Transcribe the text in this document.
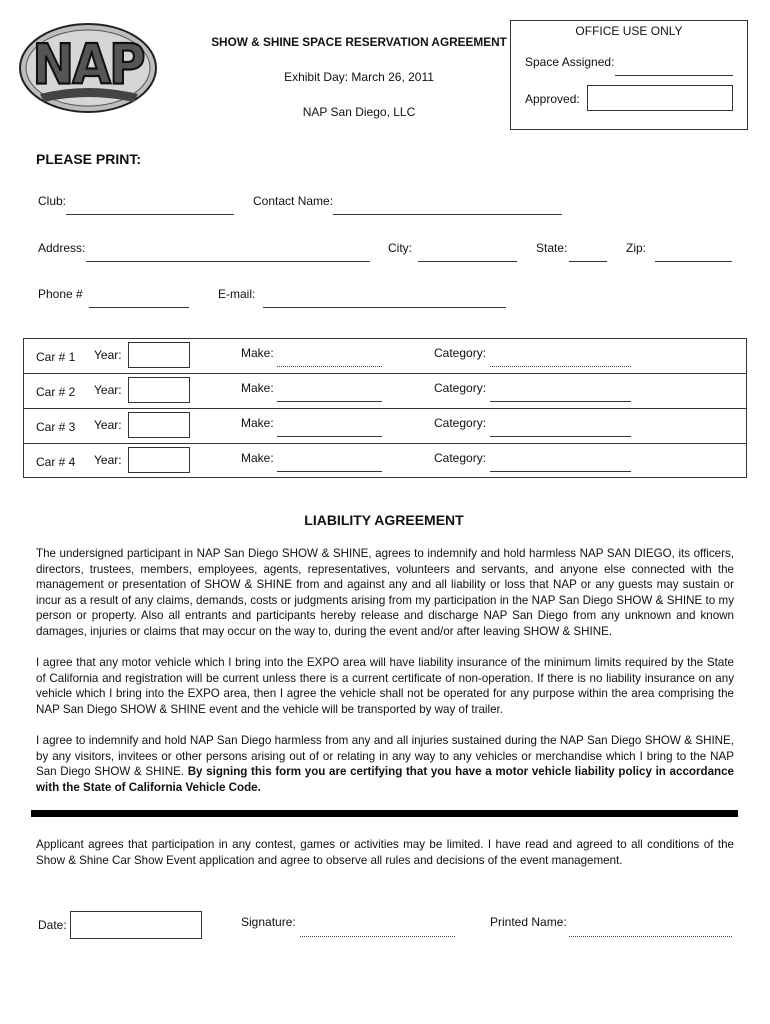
NAP	SHOW & SHINE SPACE RESERVATION AGREEMENT
Exhibit Day: March 26, 2011
NAP San Diego, LLC
OFFICE USE ONLY
Space Assigned:
Approved:
PLEASE PRINT:
Club:	Contact Name:
Address:	City:	State:	Zip:
Phone #	E-mail:
Car # 1 Year:	Make:	Category:
Car # 2 Year:	Make:	Category:
Car # 3 Year:	Make:	Category:
Car # 4 Year:	Make:	Category:
LIABILITY AGREEMENT

The undersigned participant in NAP San Diego SHOW & SHINE, agrees to indemnify and hold harmless NAP SAN DIEGO, its officers, directors, trustees, members, employees, agents, representatives, volunteers and servants, and anyone else connected with the management or presentation of SHOW & SHINE from and against any and all liability or loss that NAP or any guests may sustain or incur as a result of any claims, demands, costs or judgments arising from my participation in the NAP San Diego SHOW & SHINE to my person or property. Also all entrants and participants hereby release and discharge NAP San Diego from any unknown and known damages, injuries or claims that may occur on the way to, during the event and/or after leaving SHOW & SHINE.

I agree that any motor vehicle which I bring into the EXPO area will have liability insurance of the minimum limits required by the State of California and registration will be current unless there is a current certificate of non-operation. If there is no liability insurance on any vehicle which I bring into the EXPO area, then I agree the vehicle shall not be operated for any purpose within the area comprising the NAP San Diego SHOW & SHINE event and the vehicle will be transported by way of trailer.

I agree to indemnify and hold NAP San Diego harmless from any and all injuries sustained during the NAP San Diego SHOW & SHINE, by any visitors, invitees or other persons arising out of or relating in any way to any vehicles or merchandise which I bring to the NAP San Diego SHOW & SHINE. By signing this form you are certifying that you have a motor vehicle liability policy in accordance with the State of California Vehicle Code.

Applicant agrees that participation in any contest, games or activities may be limited. I have read and agreed to all conditions of the Show & Shine Car Show Event application and agree to observe all rules and decisions of the event management.

Date:	Signature:	Printed Name:
